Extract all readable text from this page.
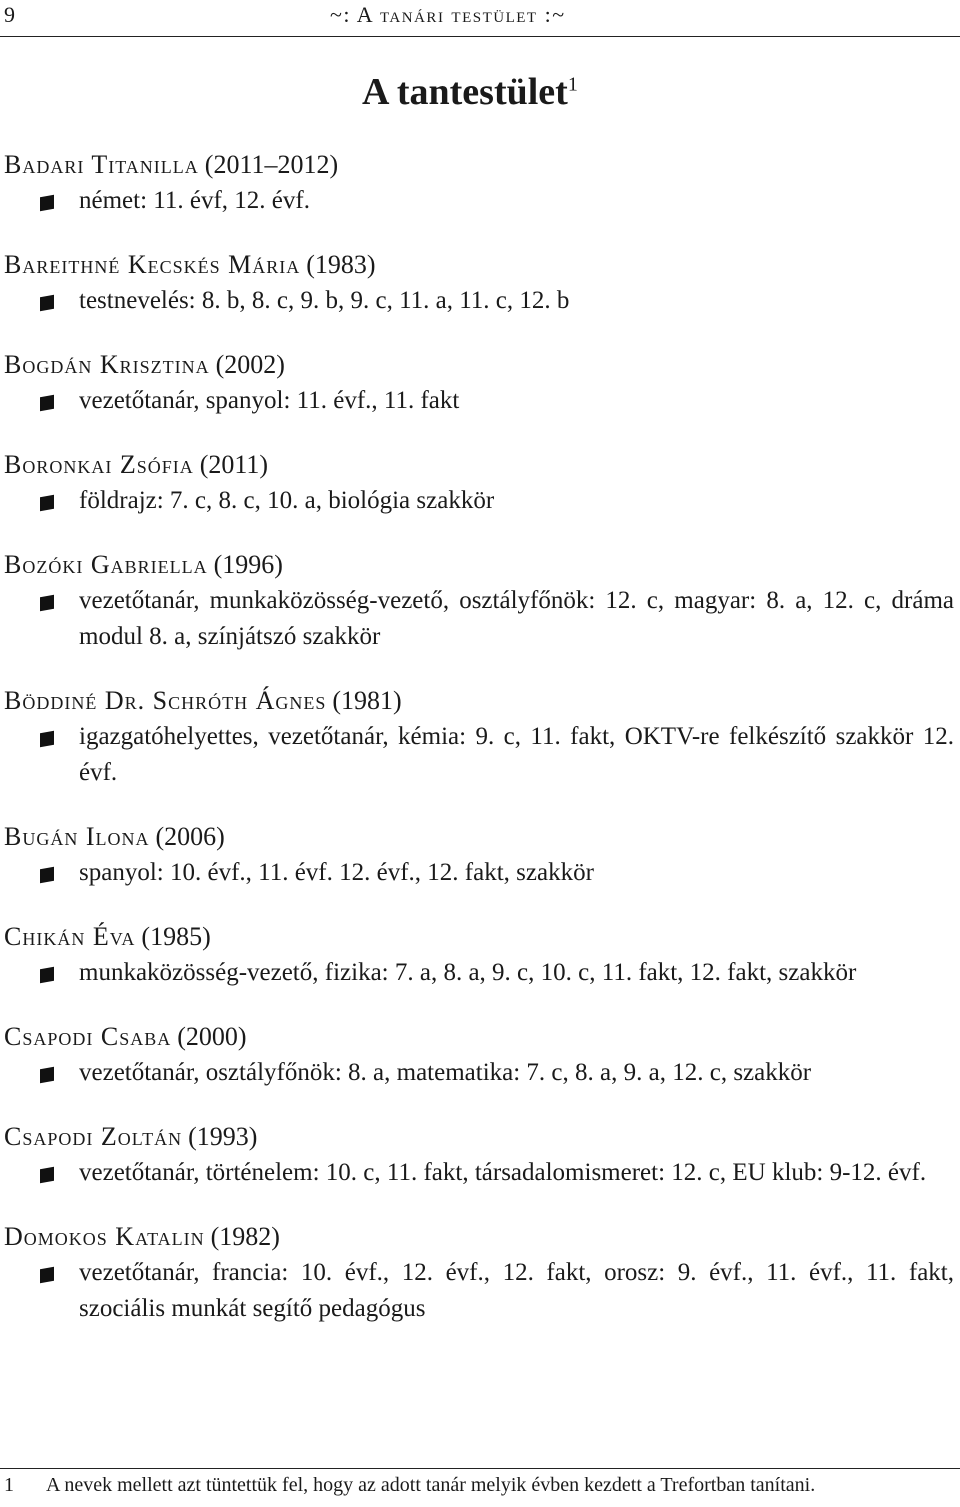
9	~: A tanári testület :~
A tantestület$^1$
Badari Titanilla (2011–2012)
német: 11. évf, 12. évf.
Bareithné Kecskés Mária (1983)
testnevelés: 8. b, 8. c, 9. b, 9. c, 11. a, 11. c, 12. b
Bogdán Krisztina (2002)
vezetőtanár, spanyol: 11. évf., 11. fakt
Boronkai Zsófia (2011)
földrajz: 7. c, 8. c, 10. a, biológia szakkör
Bozóki Gabriella (1996)
vezetőtanár, munkaközösség-vezető, osztályfőnök: 12. c, magyar: 8. a, 12. c, dráma modul 8. a, színjátszó szakkör
Böddiné Dr. Schróth Ágnes (1981)
igazgatóhelyettes, vezetőtanár, kémia: 9. c, 11. fakt, OKTV-re felkészítő szakkör 12. évf.
Bugán Ilona (2006)
spanyol: 10. évf., 11. évf. 12. évf., 12. fakt, szakkör
Chikán Éva (1985)
munkaközösség-vezető, fizika: 7. a, 8. a, 9. c, 10. c, 11. fakt, 12. fakt, szakkör
Csapodi Csaba (2000)
vezetőtanár, osztályfőnök: 8. a, matematika: 7. c, 8. a, 9. a, 12. c, szakkör
Csapodi Zoltán (1993)
vezetőtanár, történelem: 10. c, 11. fakt, társadalomismeret: 12. c, EU klub: 9-12. évf.
Domokos Katalin (1982)
vezetőtanár, francia: 10. évf., 12. évf., 12. fakt, orosz: 9. évf., 11. évf., 11. fakt, szociális munkát segítő pedagógus
1 A nevek mellett azt tüntettük fel, hogy az adott tanár melyik évben kezdett a Trefortban tanítani.
